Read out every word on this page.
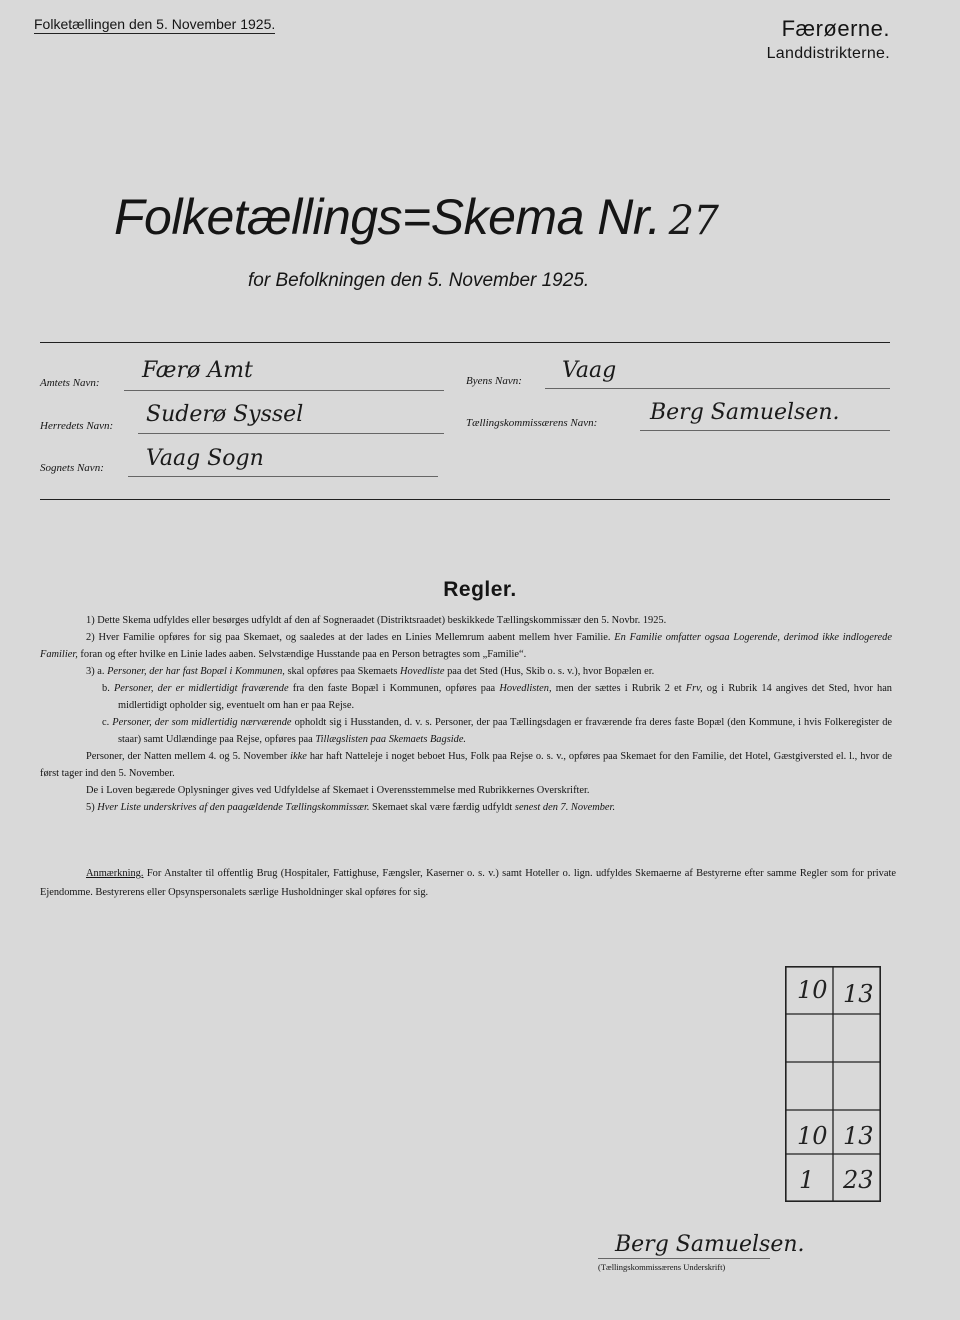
Folketællingen den 5. November 1925.	Færøerne.
Landdistrikterne.
Folketællings=Skema Nr. 27
for Befolkningen den 5. November 1925.
Amtets Navn: Færø Amt
Herredets Navn: Suderø Syssel
Sognets Navn: Vaag Sogn
Byens Navn: Vaag
Tællingskommissærens Navn: Berg Samuelsen.
Regler.

1) Dette Skema udfyldes eller besørges udfyldt af den af Sogneraadet (Distriktsraadet) beskikkede Tællingskommissær den 5. Novbr. 1925.

2) Hver Familie opføres for sig paa Skemaet, og saaledes at der lades en Linies Mellemrum aabent mellem hver Familie. En Familie omfatter ogsaa Logerende, derimod ikke indlogerede Familier, foran og efter hvilke en Linie lades aaben. Selvstændige Husstande paa en Person betragtes som „Familie“.

3) a. Personer, der har fast Bopæl i Kommunen, skal opføres paa Skemaets Hovedliste paa det Sted (Hus, Skib o. s. v.), hvor Bopælen er.

b. Personer, der er midlertidigt fraværende fra den faste Bopæl i Kommunen, opføres paa Hovedlisten, men der sættes i Rubrik 2 et Frv, og i Rubrik 14 angives det Sted, hvor han midlertidigt opholder sig, eventuelt om han er paa Rejse.

c. Personer, der som midlertidig nærværende opholdt sig i Husstanden, d. v. s. Personer, der paa Tællingsdagen er fraværende fra deres faste Bopæl (den Kommune, i hvis Folkeregister de staar) samt Udlændinge paa Rejse, opføres paa Tillægslisten paa Skemaets Bagside.

Personer, der Natten mellem 4. og 5. November ikke har haft Natteleje i noget beboet Hus, Folk paa Rejse o. s. v., opføres paa Skemaet for den Familie, det Hotel, Gæstgiversted el. l., hvor de først tager ind den 5. November.

De i Loven begærede Oplysninger gives ved Udfyldelse af Skemaet i Overensstemmelse med Rubrikkernes Overskrifter.

5) Hver Liste underskrives af den paagældende Tællingskommissær. Skemaet skal være færdig udfyldt senest den 7. November.

Anmærkning. For Anstalter til offentlig Brug (Hospitaler, Fattighuse, Fængsler, Kaserner o. s. v.) samt Hoteller o. lign. udfyldes Skemaerne af Bestyrerne efter samme Regler som for private Ejendomme. Bestyrerens eller Opsynspersonalets særlige Husholdninger skal opføres for sig.
10 13
10 13
1 23
Berg Samuelsen.
(Tællingskommissærens Underskrift)
